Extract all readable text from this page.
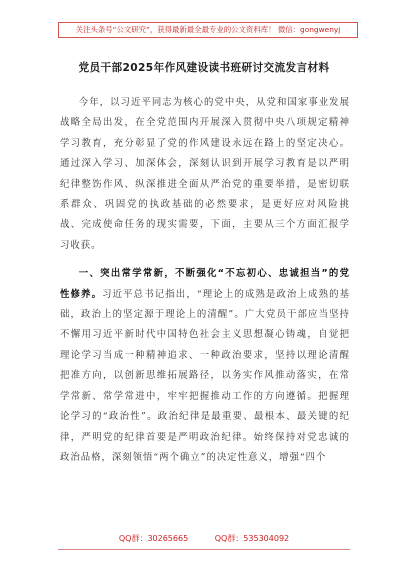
关注头条号“公文研究”，获得最新最全最专业的公文资料库！ 微信：gongwenyj
党员干部2025年作风建设读书班研讨交流发言材料

今年，以习近平同志为核心的党中央，从党和国家事业发展战略全局出发，在全党范围内开展深入贯彻中央八项规定精神学习教育，充分彰显了党的作风建设永远在路上的坚定决心。通过深入学习、加深体会，深刻认识到开展学习教育是以严明纪律整饬作风、纵深推进全面从严治党的重要举措，是密切联系群众、巩固党的执政基础的必然要求，是更好应对风险挑战、完成使命任务的现实需要，下面，主要从三个方面汇报学习收获。

一、突出常学常新，不断强化“不忘初心、忠诚担当”的党性修养。习近平总书记指出，“理论上的成熟是政治上成熟的基础，政治上的坚定源于理论上的清醒”。广大党员干部应当坚持不懈用习近平新时代中国特色社会主义思想凝心铸魂，自觉把理论学习当成一种精神追求、一种政治要求，坚持以理论清醒把准方向，以创新思维拓展路径，以务实作风推动落实，在常学常新、常学常进中，牢牢把握推动工作的方向遵循。把握理论学习的“政治性”。政治纪律是最重要、最根本、最关键的纪律，严明党的纪律首要是严明政治纪律。始终保持对党忠诚的政治品格，深刻领悟“两个确立”的决定性意义，增强“四个

QQ群：30265665	QQ群：535304092
